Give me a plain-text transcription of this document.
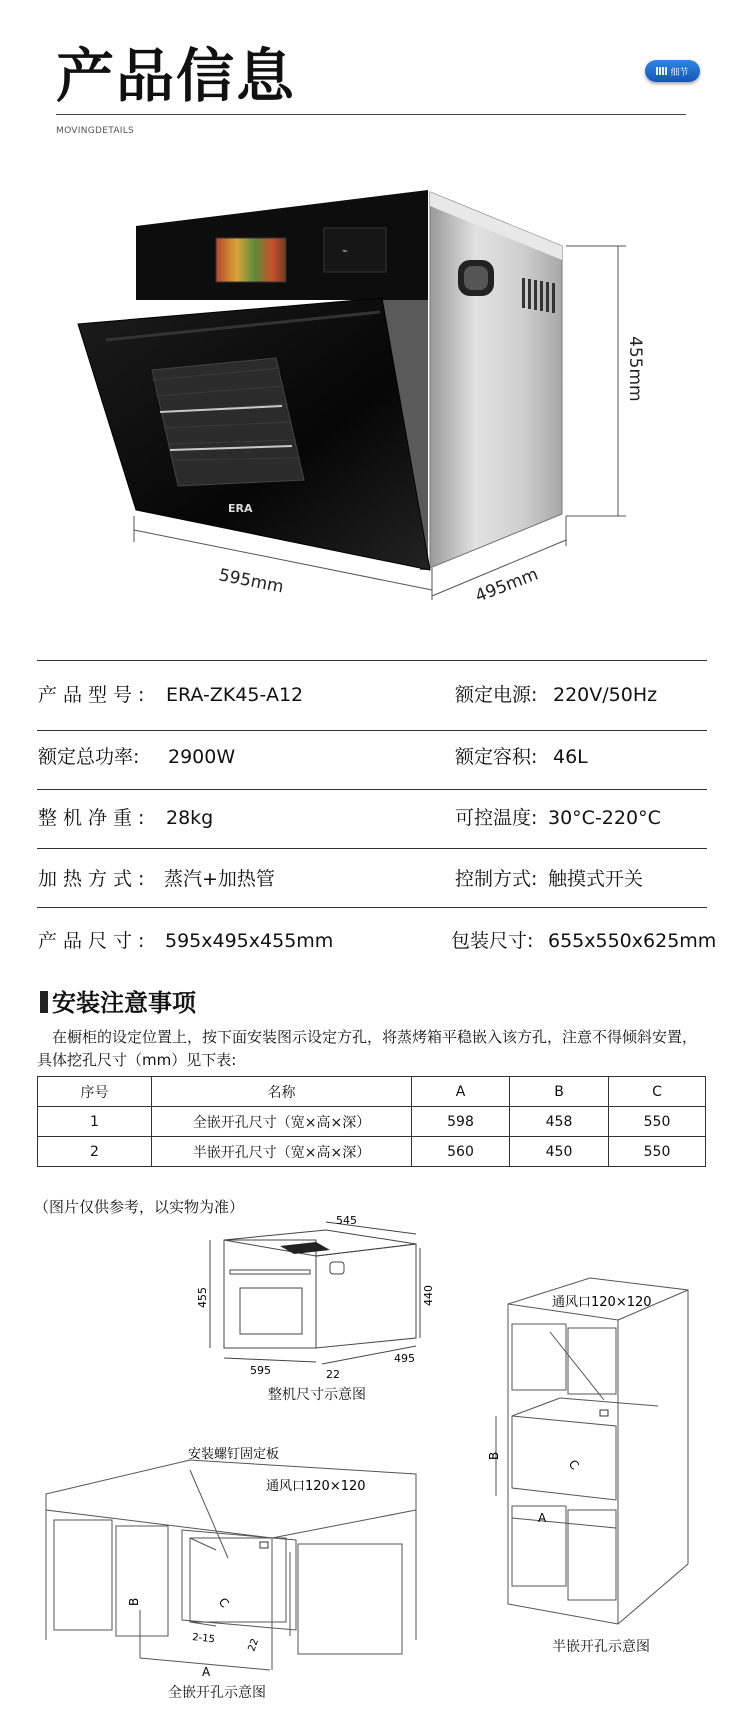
产品信息
MOVINGDETAILS
细节
⌁
ERA
595mm	495mm
455mm
产品型号: ERA-ZK45-A12	额定电源: 220V/50Hz
额定总功率: 2900W	额定容积: 46L
整机净重: 28kg	可控温度: 30°C-220°C
加热方式: 蒸汽+加热管	控制方式: 触摸式开关
产品尺寸: 595x495x455mm	包装尺寸: 655x550x625mm
安装注意事项
 在橱柜的设定位置上，按下面安装图示设定方孔，将蒸烤箱平稳嵌入该方孔，注意不得倾斜安置，具体挖孔尺寸（mm）见下表:
序号	名称	A	B	C
1	全嵌开孔尺寸（宽×高×深）	598	458	550
2	半嵌开孔尺寸（宽×高×深）	560	450	550
（图片仅供参考，以实物为准）
545
455	440
595	22
495
整机尺寸示意图
安装螺钉固定板
通风口120×120
B	C
2-15	22
A
全嵌开孔示意图
通风口120×120
B
C
A
半嵌开孔示意图
